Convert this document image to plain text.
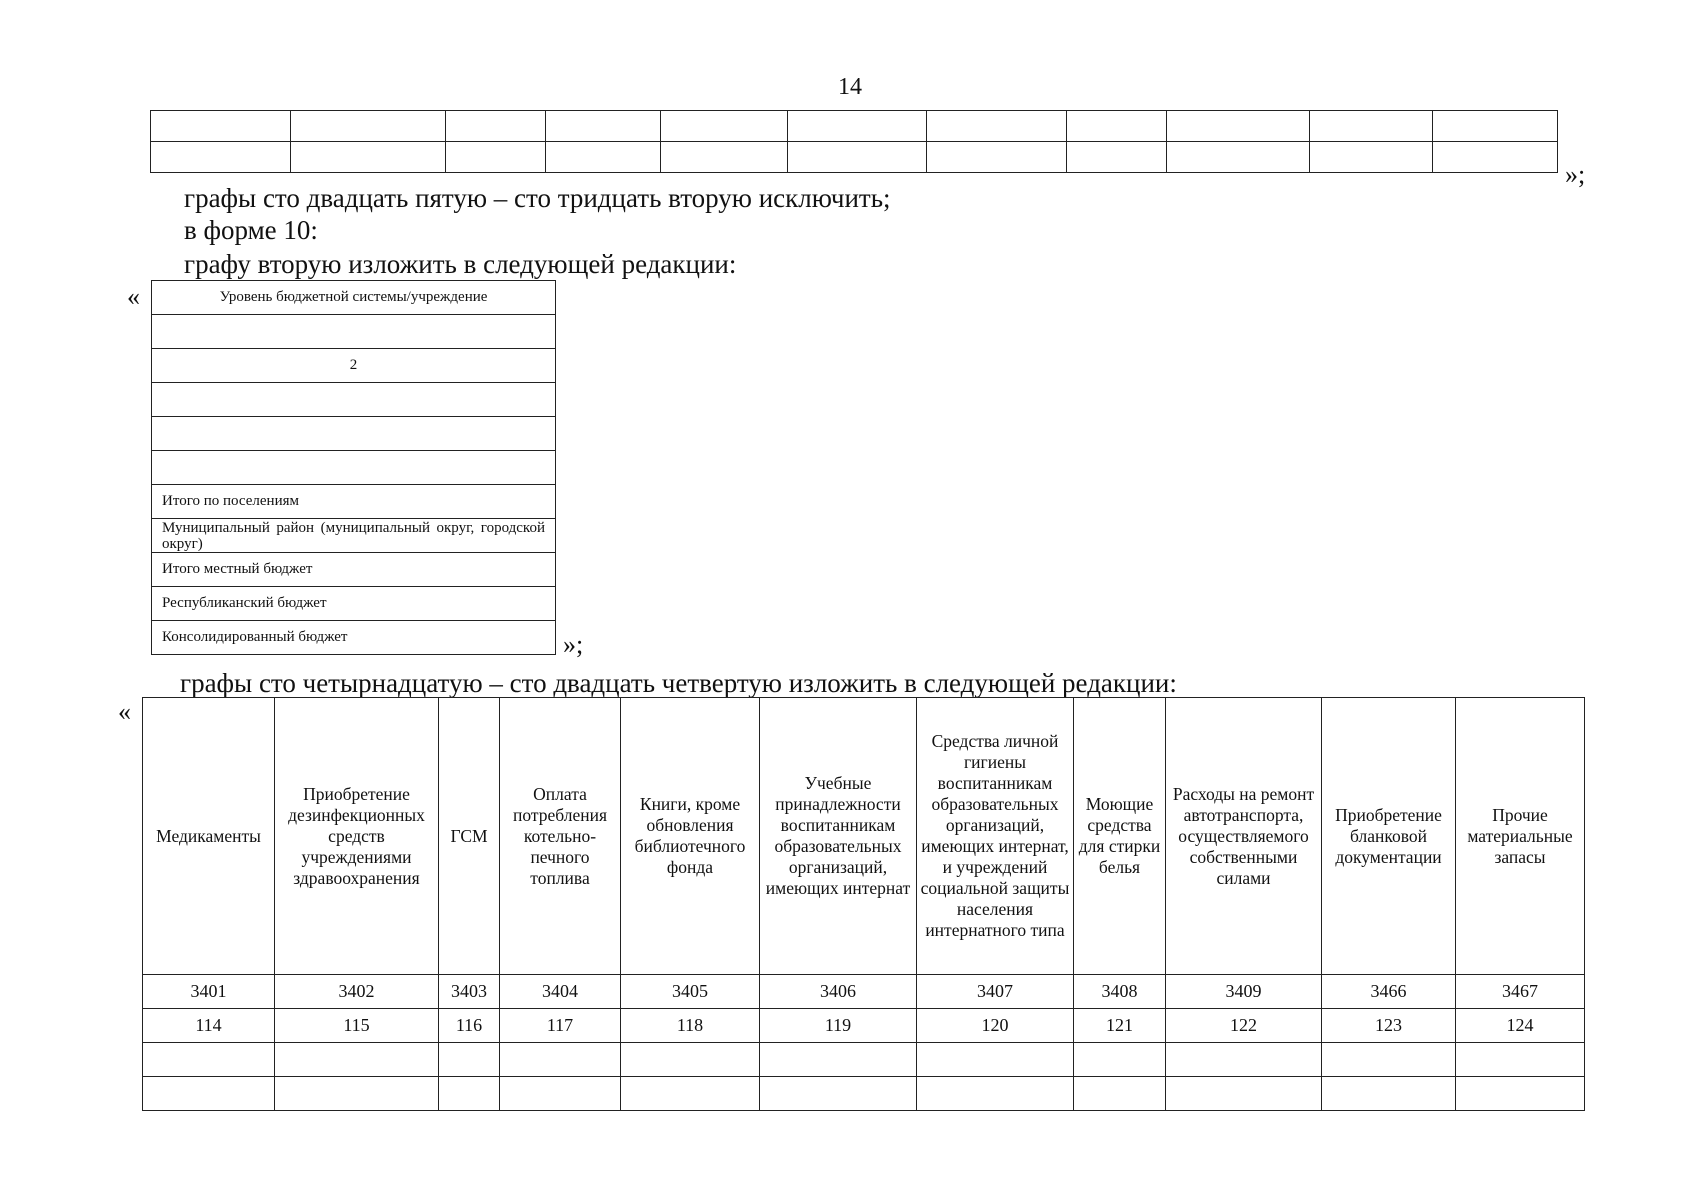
14

»;
графы сто двадцать пятую – сто тридцать вторую исключить;
в форме 10:
графу вторую изложить в следующей редакции:
«	Уровень бюджетной системы/учреждение

2

Итого по поселениям
Муниципальный район (муниципальный округ, городской округ)
Итого местный бюджет
Республиканский бюджет
Консолидированный бюджет	»;
графы сто четырнадцатую – сто двадцать четвертую изложить в следующей редакции:
«
Медикаменты	Приобретение дезинфекционных средств учреждениями здравоохранения	ГСМ	Оплата потребления котельно-печного топлива	Книги, кроме обновления библиотечного фонда	Учебные принадлежности воспитанникам образовательных организаций, имеющих интернат	Средства личной гигиены воспитанникам образовательных организаций, имеющих интернат, и учреждений социальной защиты населения интернатного типа	Моющие средства для стирки белья	Расходы на ремонт автотранспорта, осуществляемого собственными силами	Приобретение бланковой документации	Прочие материальные запасы
3401	3402	3403	3404	3405	3406	3407	3408	3409	3466	3467
114	115	116	117	118	119	120	121	122	123	124
